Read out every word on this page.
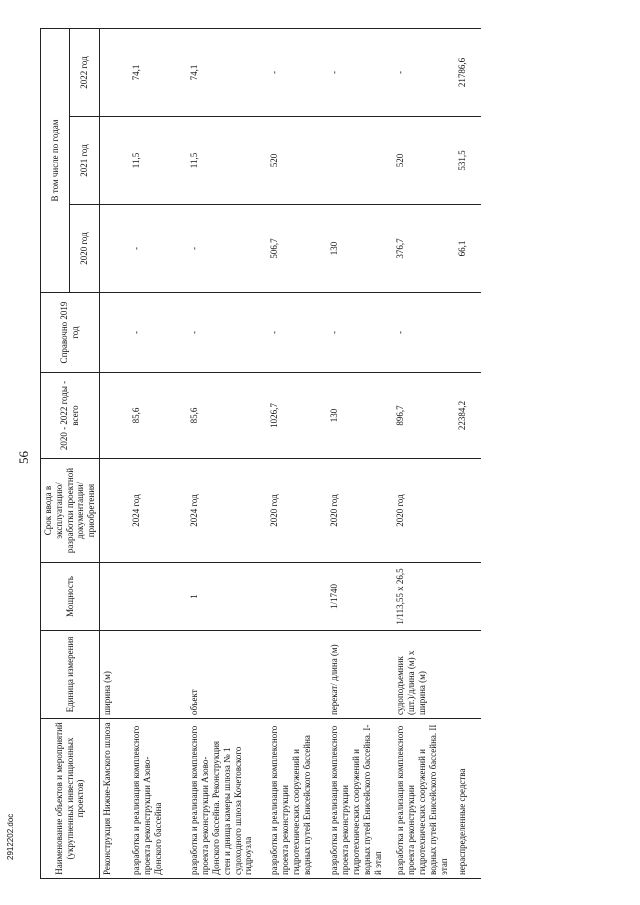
56
Наименование объектов и мероприятий (укрупненных инвестиционных проектов)	Единица измерения	Мощность	Срок ввода в эксплуатацию/ разработки проектной документации/ приобретения	2020 - 2022 годы - всего	Справочно 2019 год	В том числе по годам		
						2020 год	2021 год	2022 год
Реконструкция Нижне-Камского шлюза	ширина (м)							
разработка и реализация комплексного проекта реконструкции Азово-Донского бассейна			2024 год	85,6	-	-	11,5	74,1
разработка и реализация комплексного проекта реконструкции Азово-Донского бассейна. Реконструкция стен и днища камеры шлюза № 1 судоходного шлюза Кочетовского гидроузла	объект	1	2024 год	85,6	-	-	11,5	74,1
разработка и реализация комплексного проекта реконструкции гидротехнических сооружений и водных путей Енисейского бассейна			2020 год	1026,7	-	506,7	520	-
разработка и реализация комплексного проекта реконструкции гидротехнических сооружений и водных путей Енисейского бассейна. I-й этап	перекат/ длина (м)	1/1740	2020 год	130	-	130		-
разработка и реализация комплексного проекта реконструкции гидротехнических сооружений и водных путей Енисейского бассейна. II этап	судоподъемник (шт.)/длина (м) x ширина (м)	1/113,55 x 26,5	2020 год	896,7	-	376,7	520	-
нераспределенные средства				22384,2		66,1	531,5	21786,6
2912202.doc
